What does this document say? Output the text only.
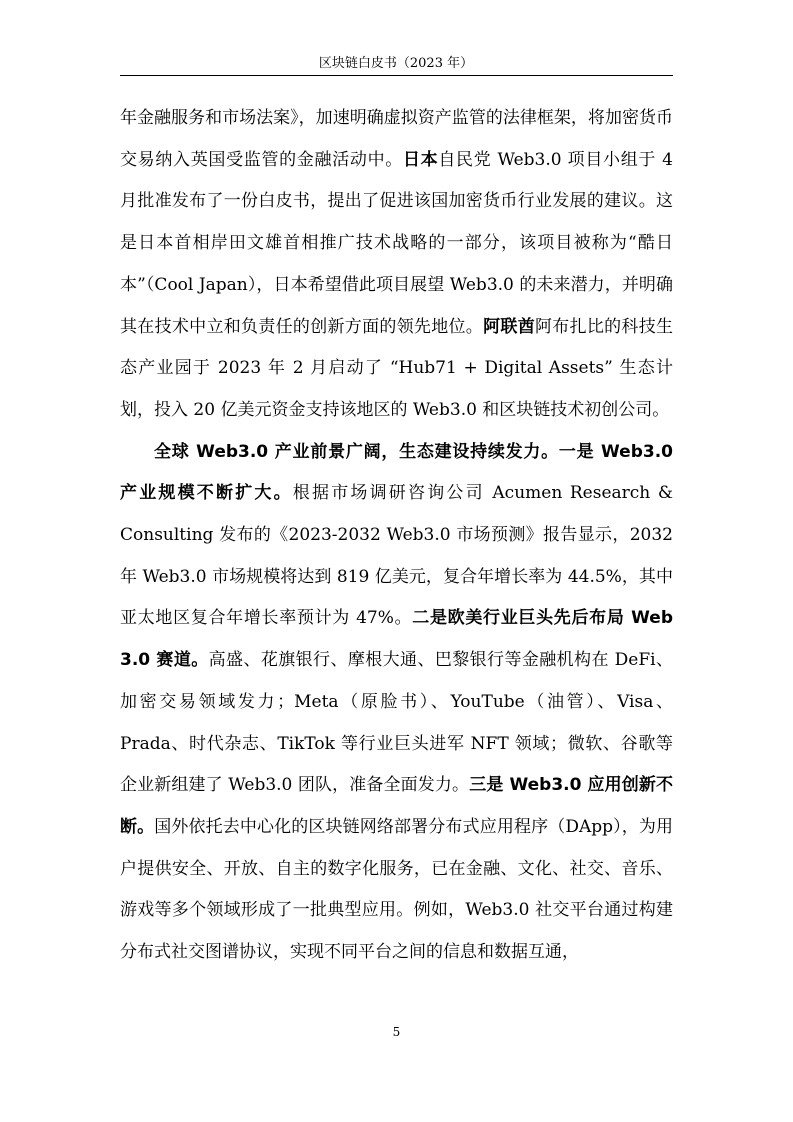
区块链白皮书（2023 年）

年金融服务和市场法案》，加速明确虚拟资产监管的法律框架，将加密货币交易纳入英国受监管的金融活动中。日本自民党 Web3.0 项目小组于 4 月批准发布了一份白皮书，提出了促进该国加密货币行业发展的建议。这是日本首相岸田文雄首相推广技术战略的一部分，该项目被称为“酷日本”（Cool Japan），日本希望借此项目展望 Web3.0 的未来潜力，并明确其在技术中立和负责任的创新方面的领先地位。阿联酋阿布扎比的科技生态产业园于 2023 年 2 月启动了 “Hub71 + Digital Assets” 生态计划，投入 20 亿美元资金支持该地区的 Web3.0 和区块链技术初创公司。

全球 Web3.0 产业前景广阔，生态建设持续发力。一是 Web3.0 产业规模不断扩大。根据市场调研咨询公司 Acumen Research & Consulting 发布的《2023-2032 Web3.0 市场预测》报告显示，2032 年 Web3.0 市场规模将达到 819 亿美元，复合年增长率为 44.5%，其中亚太地区复合年增长率预计为 47%。二是欧美行业巨头先后布局 Web 3.0 赛道。高盛、花旗银行、摩根大通、巴黎银行等金融机构在 DeFi、加密交易领域发力；Meta（原脸书）、YouTube（油管）、Visa、Prada、时代杂志、TikTok 等行业巨头进军 NFT 领域；微软、谷歌等企业新组建了 Web3.0 团队，准备全面发力。三是 Web3.0 应用创新不断。国外依托去中心化的区块链网络部署分布式应用程序（DApp），为用户提供安全、开放、自主的数字化服务，已在金融、文化、社交、音乐、游戏等多个领域形成了一批典型应用。例如，Web3.0 社交平台通过构建分布式社交图谱协议，实现不同平台之间的信息和数据互通，

5
